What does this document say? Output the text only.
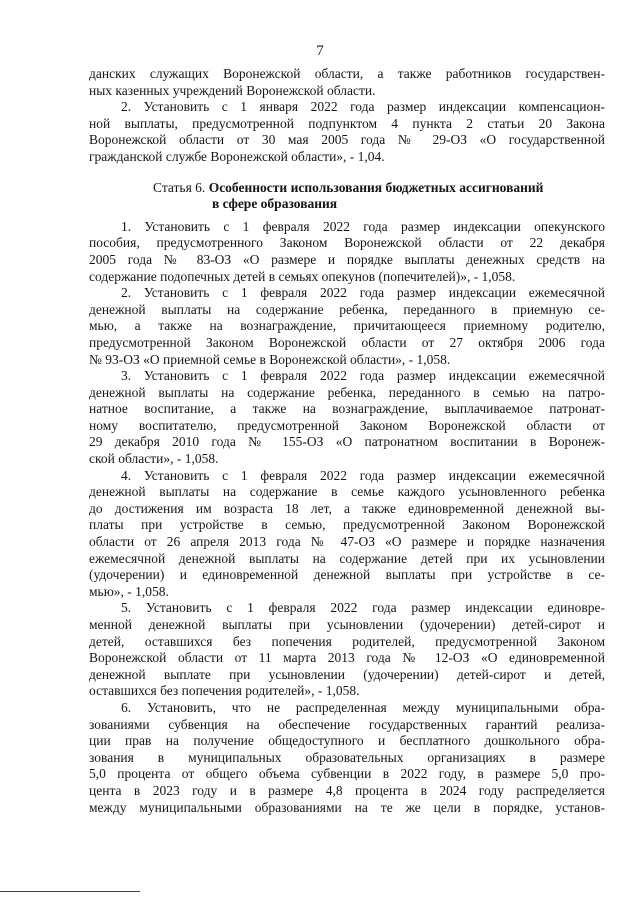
7

данских служащих Воронежской области, а также работников государствен-
ных казенных учреждений Воронежской области.

2. Установить с 1 января 2022 года размер индексации компенсацион-
ной выплаты, предусмотренной подпунктом 4 пункта 2 статьи 20 Закона
Воронежской области от 30 мая 2005 года № 29-ОЗ «О государственной
гражданской службе Воронежской области», - 1,04.

Статья 6. Особенности использования бюджетных ассигнований
в сфере образования

1. Установить с 1 февраля 2022 года размер индексации опекунского
пособия, предусмотренного Законом Воронежской области от 22 декабря
2005 года № 83-ОЗ «О размере и порядке выплаты денежных средств на
содержание подопечных детей в семьях опекунов (попечителей)», - 1,058.

2. Установить с 1 февраля 2022 года размер индексации ежемесячной
денежной выплаты на содержание ребенка, переданного в приемную се-
мью, а также на вознаграждение, причитающееся приемному родителю,
предусмотренной Законом Воронежской области от 27 октября 2006 года
№ 93-ОЗ «О приемной семье в Воронежской области», - 1,058.

3. Установить с 1 февраля 2022 года размер индексации ежемесячной
денежной выплаты на содержание ребенка, переданного в семью на патро-
натное воспитание, а также на вознаграждение, выплачиваемое патронат-
ному воспитателю, предусмотренной Законом Воронежской области от
29 декабря 2010 года № 155-ОЗ «О патронатном воспитании в Воронеж-
ской области», - 1,058.

4. Установить с 1 февраля 2022 года размер индексации ежемесячной
денежной выплаты на содержание в семье каждого усыновленного ребенка
до достижения им возраста 18 лет, а также единовременной денежной вы-
платы при устройстве в семью, предусмотренной Законом Воронежской
области от 26 апреля 2013 года № 47-ОЗ «О размере и порядке назначения
ежемесячной денежной выплаты на содержание детей при их усыновлении
(удочерении) и единовременной денежной выплаты при устройстве в се-
мью», - 1,058.

5. Установить с 1 февраля 2022 года размер индексации единовре-
менной денежной выплаты при усыновлении (удочерении) детей-сирот и
детей, оставшихся без попечения родителей, предусмотренной Законом
Воронежской области от 11 марта 2013 года № 12-ОЗ «О единовременной
денежной выплате при усыновлении (удочерении) детей-сирот и детей,
оставшихся без попечения родителей», - 1,058.

6. Установить, что не распределенная между муниципальными обра-
зованиями субвенция на обеспечение государственных гарантий реализа-
ции прав на получение общедоступного и бесплатного дошкольного обра-
зования в муниципальных образовательных организациях в размере
5,0 процента от общего объема субвенции в 2022 году, в размере 5,0 про-
цента в 2023 году и в размере 4,8 процента в 2024 году распределяется
между муниципальными образованиями на те же цели в порядке, установ-
